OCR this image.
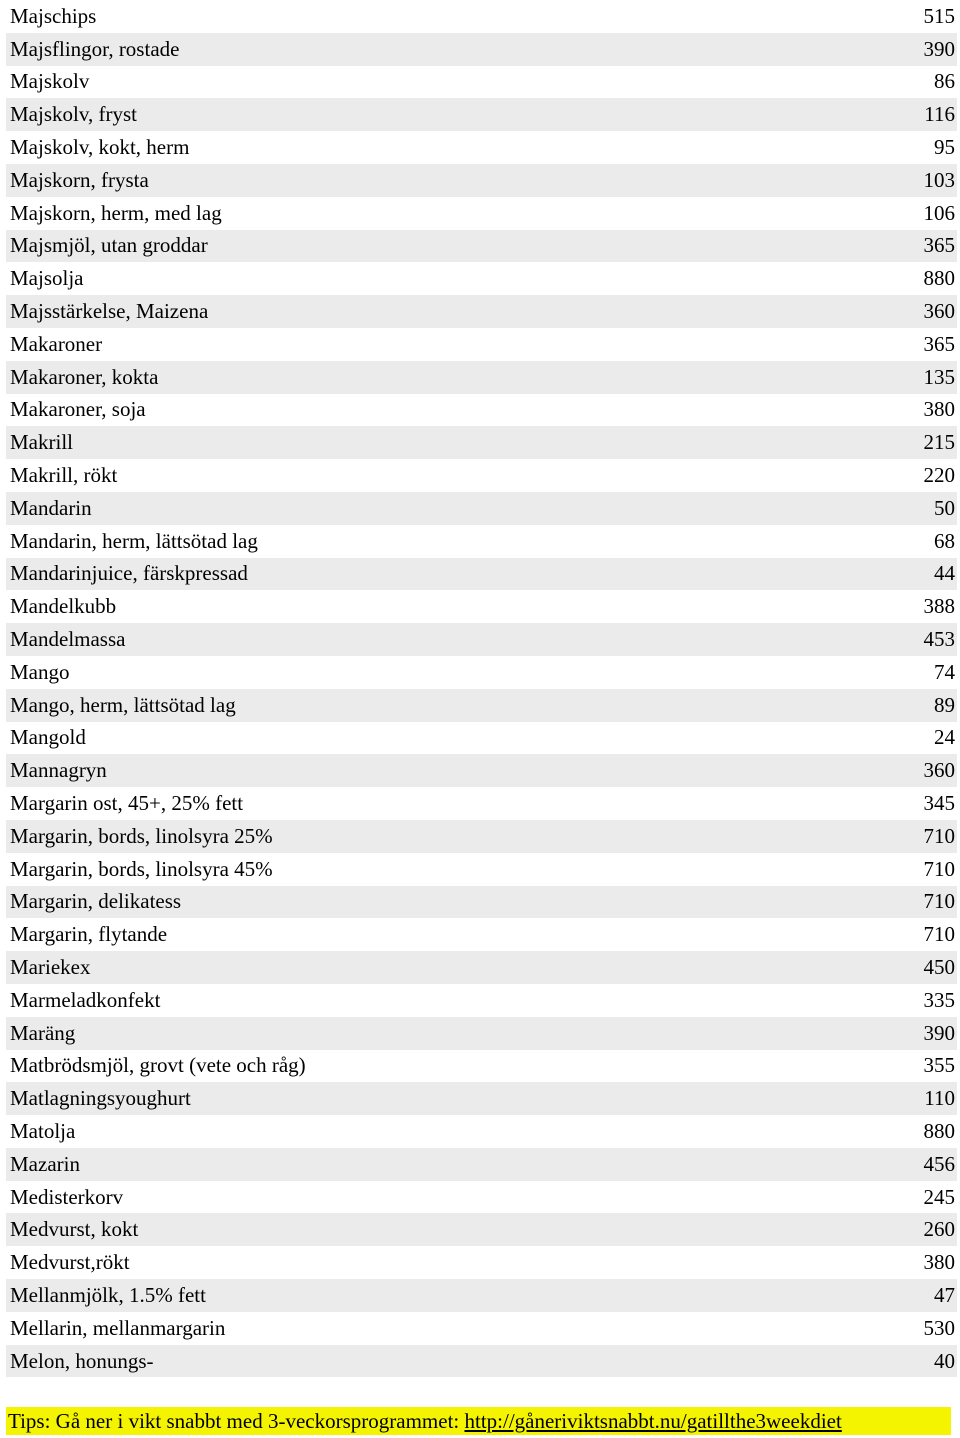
Majschips	515
Majsflingor, rostade	390
Majskolv	86
Majskolv, fryst	116
Majskolv, kokt, herm	95
Majskorn, frysta	103
Majskorn, herm, med lag	106
Majsmjöl, utan groddar	365
Majsolja	880
Majsstärkelse, Maizena	360
Makaroner	365
Makaroner, kokta	135
Makaroner, soja	380
Makrill	215
Makrill, rökt	220
Mandarin	50
Mandarin, herm, lättsötad lag	68
Mandarinjuice, färskpressad	44
Mandelkubb	388
Mandelmassa	453
Mango	74
Mango, herm, lättsötad lag	89
Mangold	24
Mannagryn	360
Margarin ost, 45+, 25% fett	345
Margarin, bords, linolsyra 25%	710
Margarin, bords, linolsyra 45%	710
Margarin, delikatess	710
Margarin, flytande	710
Mariekex	450
Marmeladkonfekt	335
Maräng	390
Matbrödsmjöl, grovt (vete och råg)	355
Matlagningsyoughurt	110
Matolja	880
Mazarin	456
Medisterkorv	245
Medvurst, kokt	260
Medvurst,rökt	380
Mellanmjölk, 1.5% fett	47
Mellarin, mellanmargarin	530
Melon, honungs-	40
Tips: Gå ner i vikt snabbt med 3-veckorsprogrammet: http://gåneriviktsnabbt.nu/gatillthe3weekdiet
